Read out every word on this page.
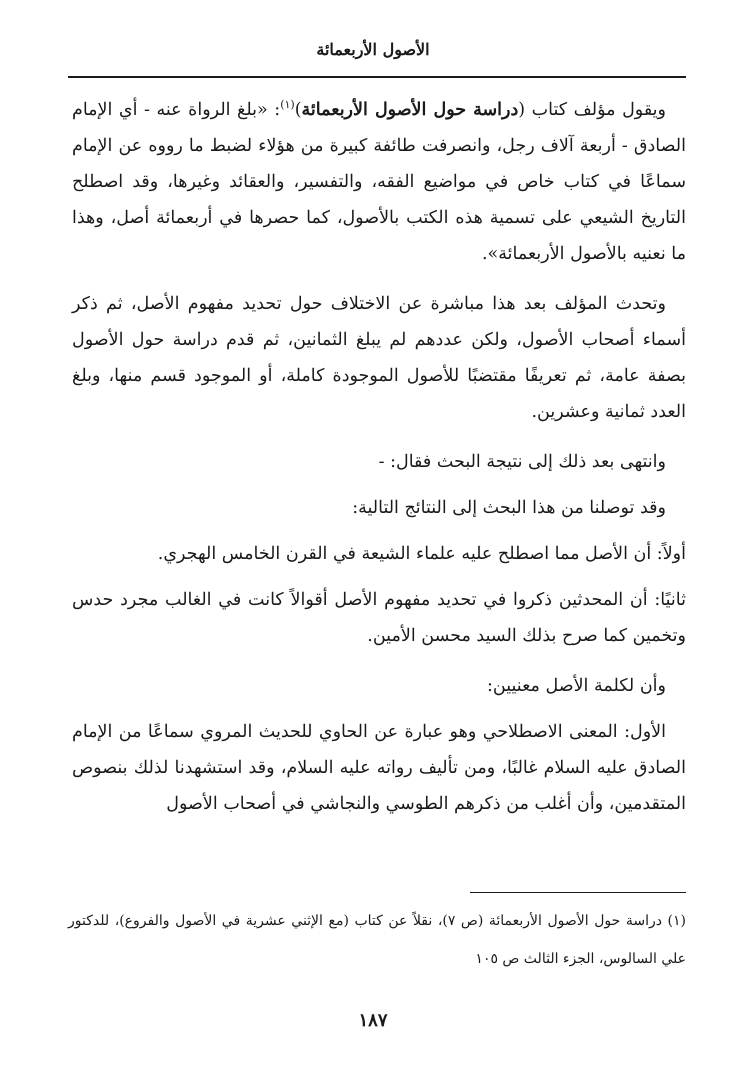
الأصول الأربعمائة

ويقول مؤلف كتاب (دراسة حول الأصول الأربعمائة)$^{(١)}$: «بلغ الرواة عنه - أي الإمام الصادق - أربعة آلاف رجل، وانصرفت طائفة كبيرة من هؤلاء لضبط ما رووه عن الإمام سماعًا في كتاب خاص في مواضيع الفقه، والتفسير، والعقائد وغيرها، وقد اصطلح التاريخ الشيعي على تسمية هذه الكتب بالأصول، كما حصرها في أربعمائة أصل، وهذا ما نعنيه بالأصول الأربعمائة».

وتحدث المؤلف بعد هذا مباشرة عن الاختلاف حول تحديد مفهوم الأصل، ثم ذكر أسماء أصحاب الأصول، ولكن عددهم لم يبلغ الثمانين، ثم قدم دراسة حول الأصول بصفة عامة، ثم تعريفًا مقتضبًا للأصول الموجودة كاملة، أو الموجود قسم منها، وبلغ العدد ثمانية وعشرين.

وانتهى بعد ذلك إلى نتيجة البحث فقال: -

وقد توصلنا من هذا البحث إلى النتائج التالية:

أولاً: أن الأصل مما اصطلح عليه علماء الشيعة في القرن الخامس الهجري.

ثانيًا: أن المحدثين ذكروا في تحديد مفهوم الأصل أقوالاً كانت في الغالب مجرد حدس وتخمين كما صرح بذلك السيد محسن الأمين.

وأن لكلمة الأصل معنيين:

الأول: المعنى الاصطلاحي وهو عبارة عن الحاوي للحديث المروي سماعًا من الإمام الصادق عليه السلام غالبًا، ومن تأليف رواته عليه السلام، وقد استشهدنا لذلك بنصوص المتقدمين، وأن أغلب من ذكرهم الطوسي والنجاشي في أصحاب الأصول

(١) دراسة حول الأصول الأربعمائة (ص ٧)، نقلاً عن كتاب (مع الإثني عشرية في الأصول والفروع)، للدكتور علي السالوس، الجزء الثالث ص ١٠٥
١٨٧
